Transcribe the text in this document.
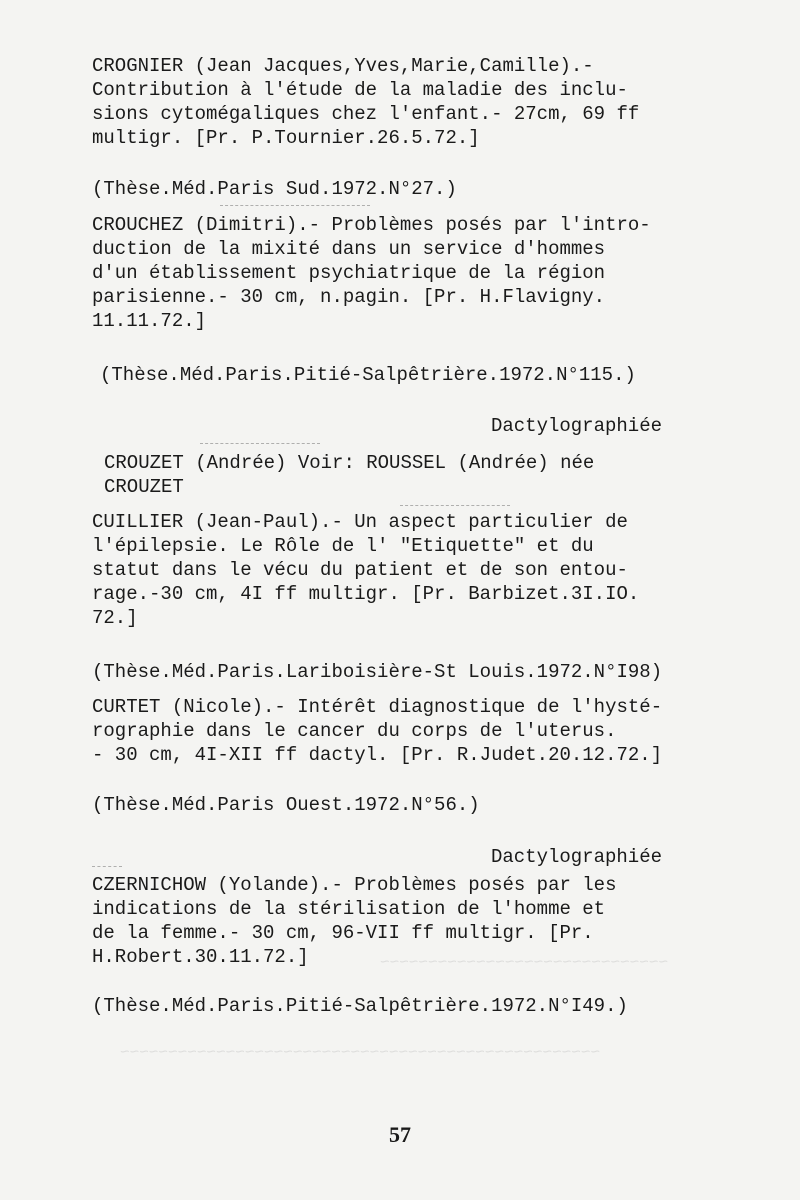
~~~~~~~~~~~~~~~~~~~~~~~~~~~~~~
~~~~~~~~~~~~~~~~~~~~~~~~~~~~~~~~~~~~~~~~~~~~~~~~~~

CROGNIER (Jean Jacques,Yves,Marie,Camille).-

Contribution à l'étude de la maladie des inclu-

sions cytomégaliques chez l'enfant.- 27cm, 69 ff

multigr. [Pr. P.Tournier.26.5.72.]

(Thèse.Méd.Paris Sud.1972.N°27.)

CROUCHEZ (Dimitri).- Problèmes posés par l'intro-

duction de la mixité dans un service d'hommes

d'un établissement psychiatrique de la région

parisienne.- 30 cm, n.pagin. [Pr. H.Flavigny.

11.11.72.]

(Thèse.Méd.Paris.Pitié-Salpêtrière.1972.N°115.)
Dactylographiée

CROUZET (Andrée) Voir: ROUSSEL (Andrée) née

CROUZET

CUILLIER (Jean-Paul).- Un aspect particulier de

l'épilepsie. Le Rôle de l' "Etiquette" et du

statut dans le vécu du patient et de son entou-

rage.-30 cm, 4I ff multigr. [Pr. Barbizet.3I.IO.

72.]

(Thèse.Méd.Paris.Lariboisière-St Louis.1972.N°I98)

CURTET (Nicole).- Intérêt diagnostique de l'hysté-

rographie dans le cancer du corps de l'uterus.

- 30 cm, 4I-XII ff dactyl. [Pr. R.Judet.20.12.72.]

(Thèse.Méd.Paris Ouest.1972.N°56.)
Dactylographiée

CZERNICHOW (Yolande).- Problèmes posés par les

indications de la stérilisation de l'homme et

de la femme.- 30 cm, 96-VII ff multigr. [Pr.

H.Robert.30.11.72.]

(Thèse.Méd.Paris.Pitié-Salpêtrière.1972.N°I49.)
57
